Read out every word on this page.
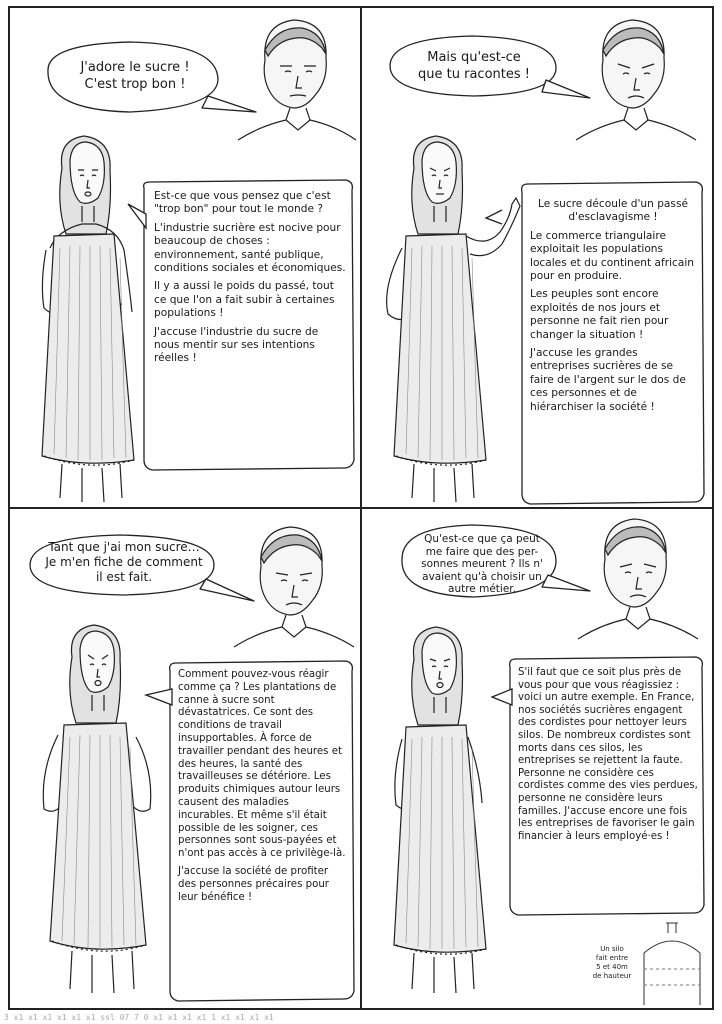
J'adore le sucre !
C'est trop bon !

Est-ce que vous pensez que c'est "trop bon" pour tout le monde ?

L'industrie sucrière est nocive pour beaucoup de choses : environnement, santé publique, conditions sociales et économiques.

Il y a aussi le poids du passé, tout ce que l'on a fait subir à certaines populations !

J'accuse l'industrie du sucre de nous mentir sur ses intentions réelles !

Mais qu'est-ce
que tu racontes !

Le sucre découle d'un passé d'esclavagisme !

Le commerce triangulaire exploitait les populations locales et du continent africain pour en produire.

Les peuples sont encore exploités de nos jours et personne ne fait rien pour changer la situation !

J'accuse les grandes entreprises sucrières de se faire de l'argent sur le dos de ces personnes et de hiérarchiser la société !

Tant que j'ai mon sucre…
Je m'en fiche de comment
il est fait.

Comment pouvez-vous réagir comme ça ? Les plantations de canne à sucre sont dévastatrices. Ce sont des conditions de travail insupportables. À force de travailler pendant des heures et des heures, la santé des travailleuses se détériore. Les produits chimiques autour leurs causent des maladies incurables. Et même s'il était possible de les soigner, ces personnes sont sous-payées et n'ont pas accès à ce privilège-là.

J'accuse la société de profiter des personnes précaires pour leur bénéfice !

Qu'est-ce que ça peut
me faire que des per-
sonnes meurent ? Ils n'
avaient qu'à choisir un
autre métier.

S'il faut que ce soit plus près de vous pour que vous réagissiez : voici un autre exemple. En France, nos sociétés sucrières engagent des cordistes pour nettoyer leurs silos. De nombreux cordistes sont morts dans ces silos, les entreprises se rejettent la faute. Personne ne considère ces cordistes comme des vies perdues, personne ne considère leurs familles. J'accuse encore une fois les entreprises de favoriser le gain financier à leurs employé·es !

Un silo
fait entre
5 et 40m
de hauteur
3 x1 x1 x1 x1 x1 x1 ssl 07 7 0 x1 x1 x1 x1 1 x1 x1 x1 x1
